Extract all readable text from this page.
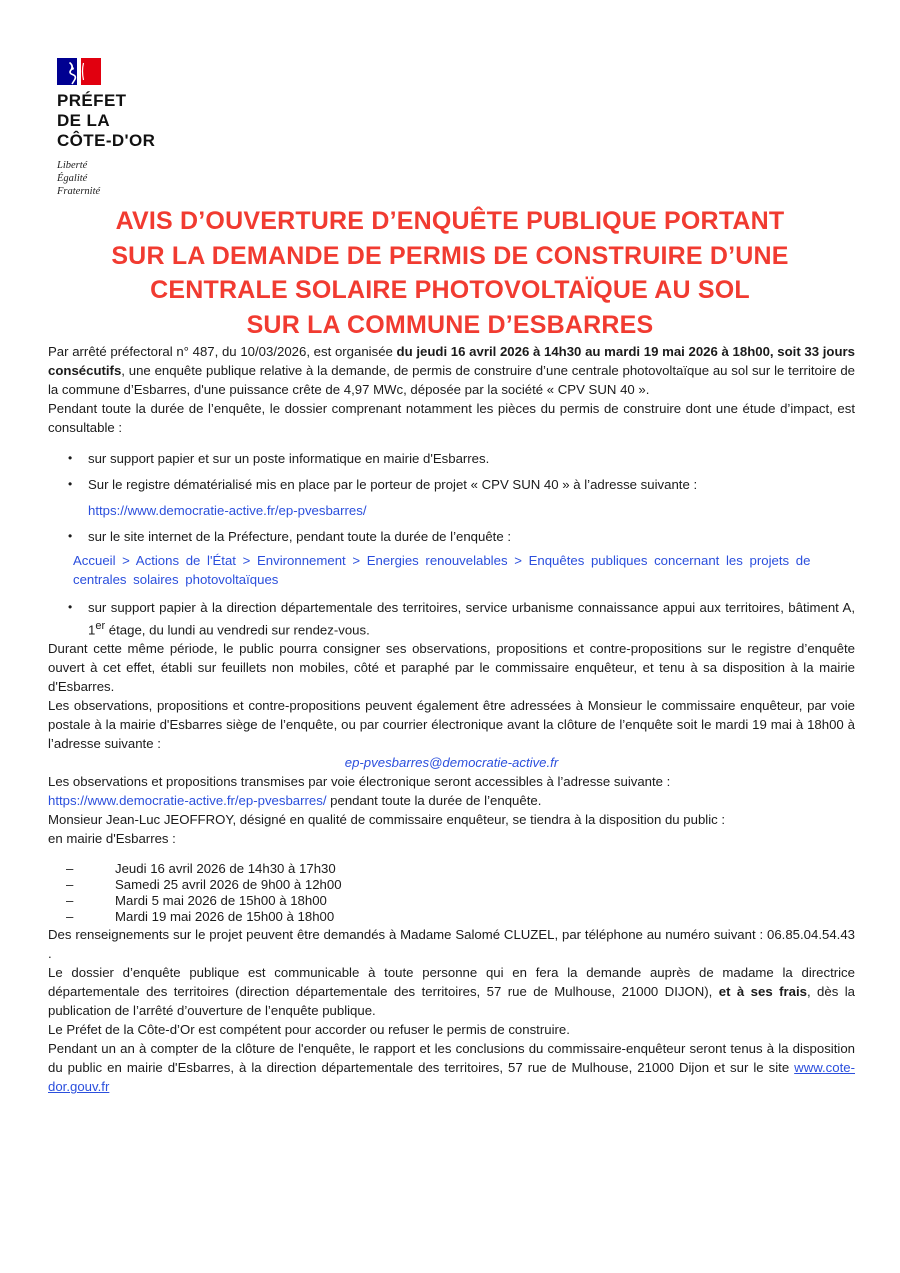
PRÉFET
DE LA
CÔTE-D'OR
Liberté
Égalité
Fraternité
AVIS D’OUVERTURE D’ENQUÊTE PUBLIQUE PORTANT
SUR LA DEMANDE DE PERMIS DE CONSTRUIRE D’UNE
CENTRALE SOLAIRE PHOTOVOLTAÏQUE AU SOL
SUR LA COMMUNE D’ESBARRES

Par arrêté préfectoral n° 487, du 10/03/2026, est organisée du jeudi 16 avril 2026 à 14h30 au mardi 19 mai 2026 à 18h00, soit 33 jours consécutifs, une enquête publique relative à la demande, de permis de construire d’une centrale photovoltaïque au sol sur le territoire de la commune d’Esbarres, d'une puissance crête de 4,97 MWc, déposée par la société « CPV SUN 40 ».

Pendant toute la durée de l’enquête, le dossier comprenant notamment les pièces du permis de construire dont une étude d’impact, est consultable :

•	sur support papier et sur un poste informatique en mairie d'Esbarres.
•	Sur le registre dématérialisé mis en place par le porteur de projet « CPV SUN 40 » à l’adresse suivante :
https://www.democratie-active.fr/ep-pvesbarres/
•	sur le site internet de la Préfecture, pendant toute la durée de l’enquête :
Accueil > Actions de l'État > Environnement > Energies renouvelables > Enquêtes publiques concernant les projets de centrales solaires photovoltaïques
•	sur support papier à la direction départementale des territoires, service urbanisme connaissance appui aux territoires, bâtiment A, 1er étage, du lundi au vendredi sur rendez-vous.

Durant cette même période, le public pourra consigner ses observations, propositions et contre-propositions sur le registre d’enquête ouvert à cet effet, établi sur feuillets non mobiles, côté et paraphé par le commissaire enquêteur, et tenu à sa disposition à la mairie d'Esbarres.

Les observations, propositions et contre-propositions peuvent également être adressées à Monsieur le commissaire enquêteur, par voie postale à la mairie d'Esbarres siège de l’enquête, ou par courrier électronique avant la clôture de l’enquête soit le mardi 19 mai à 18h00 à l’adresse suivante :

ep-pvesbarres@democratie-active.fr

Les observations et propositions transmises par voie électronique seront accessibles à l’adresse suivante :

https://www.democratie-active.fr/ep-pvesbarres/ pendant toute la durée de l’enquête.

Monsieur Jean-Luc JEOFFROY, désigné en qualité de commissaire enquêteur, se tiendra à la disposition du public :

en mairie d'Esbarres :

–	Jeudi 16 avril 2026 de 14h30 à 17h30
–	Samedi 25 avril 2026 de 9h00 à 12h00
–	Mardi 5 mai 2026 de 15h00 à 18h00
–	Mardi 19 mai 2026 de 15h00 à 18h00

Des renseignements sur le projet peuvent être demandés à Madame Salomé CLUZEL, par téléphone au numéro suivant : 06.85.04.54.43 .

Le dossier d’enquête publique est communicable à toute personne qui en fera la demande auprès de madame la directrice départementale des territoires (direction départementale des territoires, 57 rue de Mulhouse, 21000 DIJON), et à ses frais, dès la publication de l’arrêté d’ouverture de l’enquête publique.

Le Préfet de la Côte-d’Or est compétent pour accorder ou refuser le permis de construire.

Pendant un an à compter de la clôture de l'enquête, le rapport et les conclusions du commissaire-enquêteur seront tenus à la disposition du public en mairie d'Esbarres, à la direction départementale des territoires, 57 rue de Mulhouse, 21000 Dijon et sur le site www.cote-dor.gouv.fr
